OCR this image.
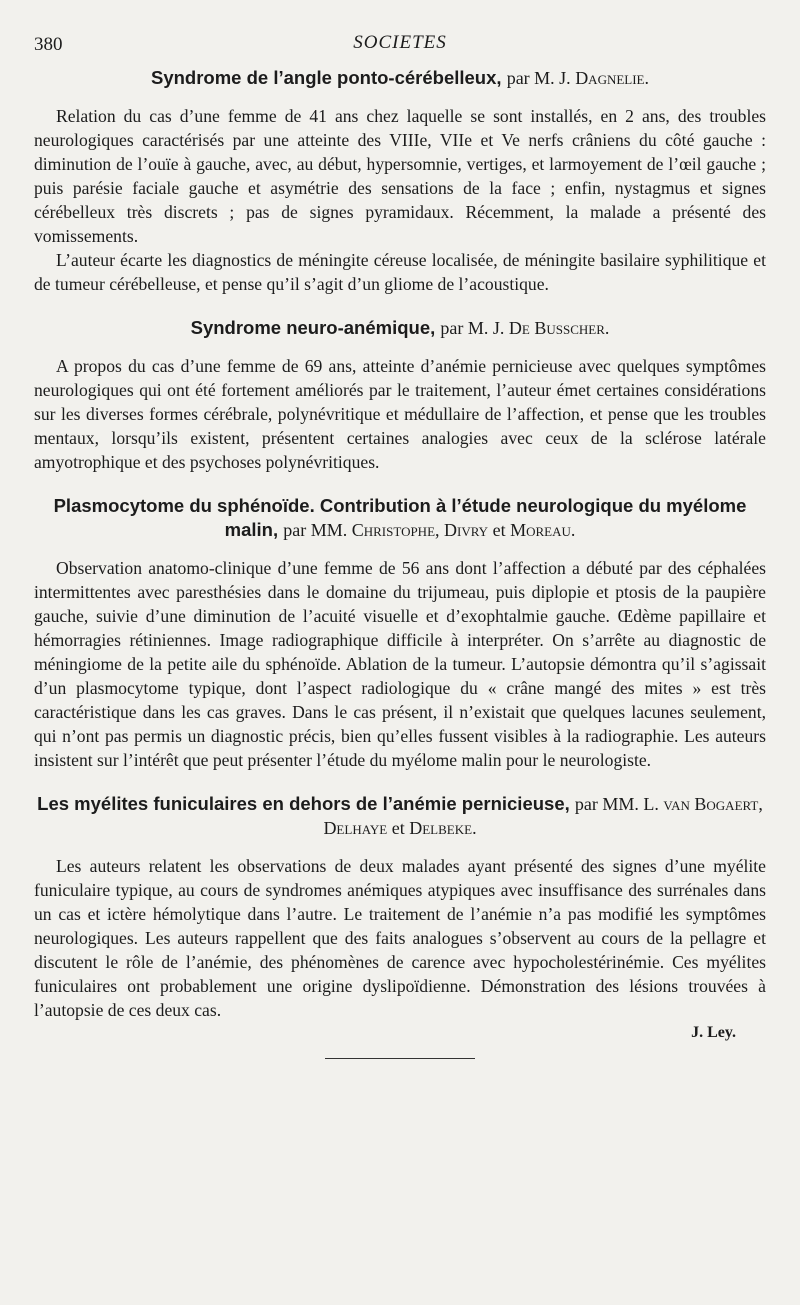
380	SOCIETES
Syndrome de l’angle ponto-cérébelleux, par M. J. Dagnelie.

Relation du cas d’une femme de 41 ans chez laquelle se sont installés, en 2 ans, des troubles neurologiques caractérisés par une atteinte des VIIIe, VIIe et Ve nerfs crâniens du côté gauche : diminution de l’ouïe à gauche, avec, au début, hypersomnie, vertiges, et larmoyement de l’œil gauche ; puis parésie faciale gauche et asymétrie des sensations de la face ; enfin, nystagmus et signes cérébelleux très discrets ; pas de signes pyramidaux. Récemment, la malade a présenté des vomissements.

L’auteur écarte les diagnostics de méningite céreuse localisée, de méningite basilaire syphilitique et de tumeur cérébelleuse, et pense qu’il s’agit d’un gliome de l’acoustique.

Syndrome neuro-anémique, par M. J. De Busscher.

A propos du cas d’une femme de 69 ans, atteinte d’anémie pernicieuse avec quelques symptômes neurologiques qui ont été fortement améliorés par le traitement, l’auteur émet certaines considérations sur les diverses formes cérébrale, polynévritique et médullaire de l’affection, et pense que les troubles mentaux, lorsqu’ils existent, présentent certaines analogies avec ceux de la sclérose latérale amyotrophique et des psychoses polynévritiques.

Plasmocytome du sphénoïde. Contribution à l’étude neurologique du myélome malin, par MM. Christophe, Divry et Moreau.

Observation anatomo-clinique d’une femme de 56 ans dont l’affection a débuté par des céphalées intermittentes avec paresthésies dans le domaine du trijumeau, puis diplopie et ptosis de la paupière gauche, suivie d’une diminution de l’acuité visuelle et d’exophtalmie gauche. Œdème papillaire et hémorragies rétiniennes. Image radiographique difficile à interpréter. On s’arrête au diagnostic de méningiome de la petite aile du sphénoïde. Ablation de la tumeur. L’autopsie démontra qu’il s’agissait d’un plasmocytome typique, dont l’aspect radiologique du « crâne mangé des mites » est très caractéristique dans les cas graves. Dans le cas présent, il n’existait que quelques lacunes seulement, qui n’ont pas permis un diagnostic précis, bien qu’elles fussent visibles à la radiographie. Les auteurs insistent sur l’intérêt que peut présenter l’étude du myélome malin pour le neurologiste.

Les myélites funiculaires en dehors de l’anémie pernicieuse, par MM. L. van Bogaert, Delhaye et Delbeke.

Les auteurs relatent les observations de deux malades ayant présenté des signes d’une myélite funiculaire typique, au cours de syndromes anémiques atypiques avec insuffisance des surrénales dans un cas et ictère hémolytique dans l’autre. Le traitement de l’anémie n’a pas modifié les symptômes neurologiques. Les auteurs rappellent que des faits analogues s’observent au cours de la pellagre et discutent le rôle de l’anémie, des phénomènes de carence avec hypocholestérinémie. Ces myélites funiculaires ont probablement une origine dyslipoïdienne. Démonstration des lésions trouvées à l’autopsie de ces deux cas.

J. Ley.
